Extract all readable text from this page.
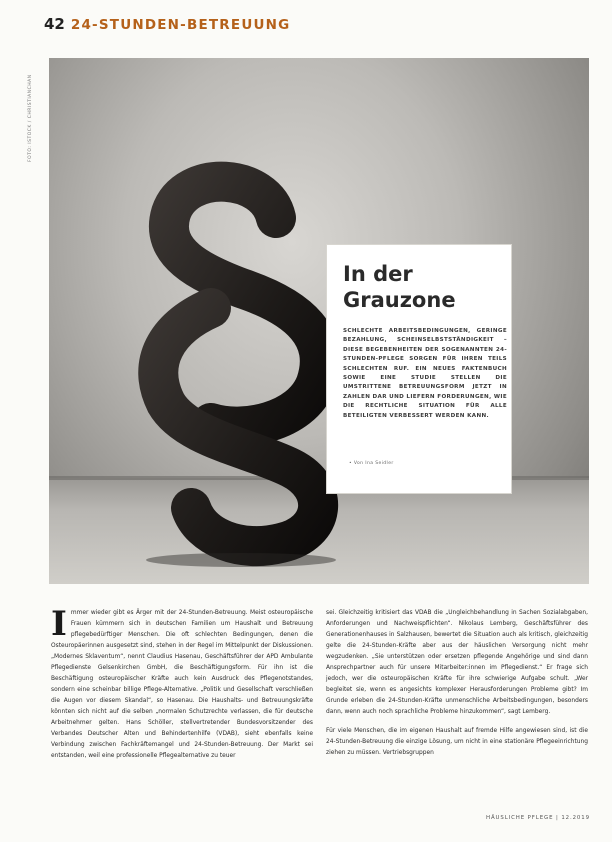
42 24-STUNDEN-BETREUUNG
FOTO: ISTOCK / CHRISTIANCHAN
In der
Grauzone
SCHLECHTE ARBEITSBEDINGUNGEN, GERINGE BEZAHLUNG, SCHEINSELBSTSTÄNDIGKEIT – DIESE BEGEBENHEITEN DER SOGENANNTEN 24-STUNDEN-PFLEGE SORGEN FÜR IHREN TEILS SCHLECHTEN RUF. EIN NEUES FAKTENBUCH SOWIE EINE STUDIE STELLEN DIE UMSTRITTENE BETREUUNGSFORM JETZT IN ZAHLEN DAR UND LIEFERN FORDERUNGEN, WIE DIE RECHTLICHE SITUATION FÜR ALLE BETEILIGTEN VERBESSERT WERDEN KANN.
• Von Ina Seidler

Immer wieder gibt es Ärger mit der 24-Stunden-Betreuung. Meist osteuropäische Frauen kümmern sich in deutschen Familien um Haushalt und Betreuung pflegebedürftiger Menschen. Die oft schlechten Bedingungen, denen die Osteuropäerinnen ausgesetzt sind, stehen in der Regel im Mittelpunkt der Diskussionen. „Modernes Sklaventum“, nennt Claudius Hasenau, Geschäftsführer der APD Ambulante Pflegedienste Gelsenkirchen GmbH, die Beschäftigungsform. Für ihn ist die Beschäftigung osteuropäischer Kräfte auch kein Ausdruck des Pflegenotstandes, sondern eine scheinbar billige Pflege-Alternative. „Politik und Gesellschaft verschließen die Augen vor diesem Skandal“, so Hasenau. Die Haushalts- und Betreuungskräfte könnten sich nicht auf die selben „normalen Schutzrechte verlassen, die für deutsche Arbeitnehmer gelten. Hans Schöller, stellvertretender Bundesvorsitzender des Verbandes Deutscher Alten und Behindertenhilfe (VDAB), sieht ebenfalls keine Verbindung zwischen Fachkräftemangel und 24-Stunden-Betreuung. Der Markt sei entstanden, weil eine professionelle Pflegealternative zu teuer

sei. Gleichzeitig kritisiert das VDAB die „Ungleichbehandlung in Sachen Sozialabgaben, Anforderungen und Nachweispflichten“. Nikolaus Lemberg, Geschäftsführer des Generationenhauses in Salzhausen, bewertet die Situation auch als kritisch, gleichzeitig gelte die 24-Stunden-Kräfte aber aus der häuslichen Versorgung nicht mehr wegzudenken. „Sie unterstützen oder ersetzen pflegende Angehörige und sind dann Ansprechpartner auch für unsere Mitarbeiter:innen im Pflegedienst.“ Er frage sich jedoch, wer die osteuropäischen Kräfte für ihre schwierige Aufgabe schult. „Wer begleitet sie, wenn es angesichts komplexer Herausforderungen Probleme gibt? Im Grunde erleben die 24-Stunden-Kräfte unmenschliche Arbeitsbedingungen, besonders dann, wenn auch noch sprachliche Probleme hinzukommen“, sagt Lemberg.

Für viele Menschen, die im eigenen Haushalt auf fremde Hilfe angewiesen sind, ist die 24-Stunden-Betreuung die einzige Lösung, um nicht in eine stationäre Pflegeeinrichtung ziehen zu müssen. Vertriebsgruppen

HÄUSLICHE PFLEGE | 12.2019
